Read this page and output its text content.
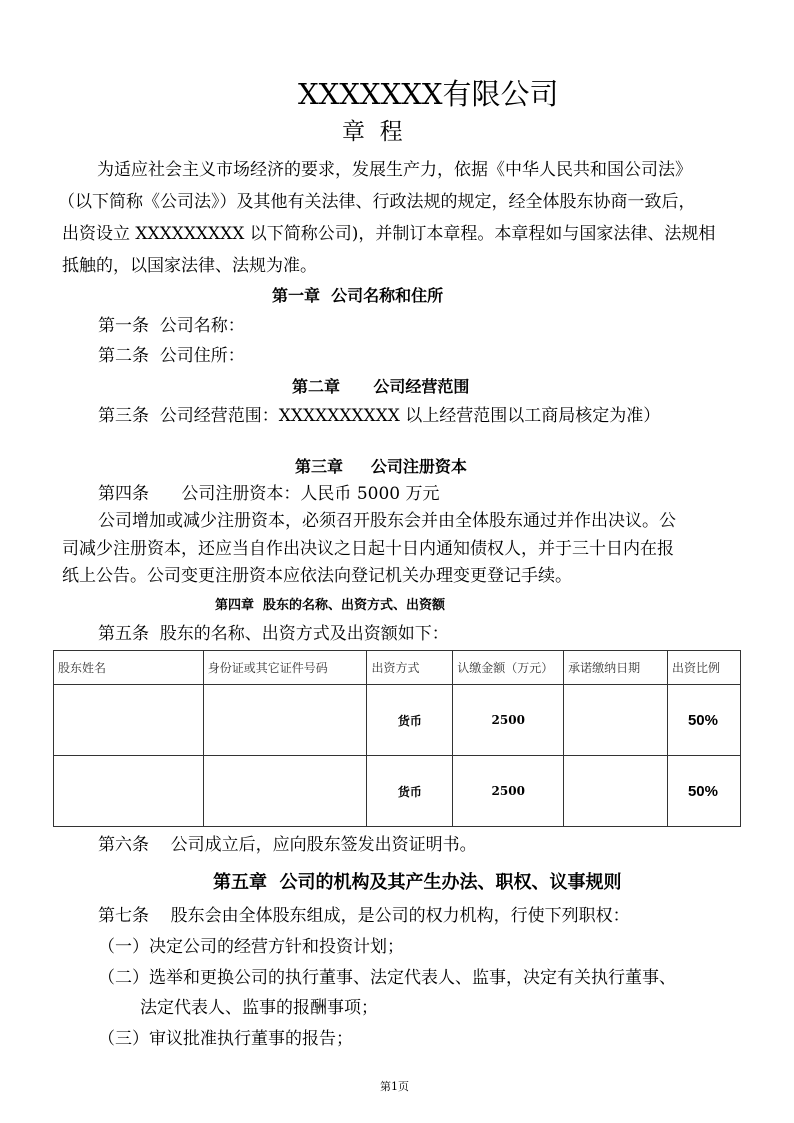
XXXXXXX有限公司
章  程
为适应社会主义市场经济的要求，发展生产力，依据《中华人民共和国公司法》
（以下简称《公司法》）及其他有关法律、行政法规的规定，经全体股东协商一致后，
出资设立 XXXXXXXXX 以下简称公司)，并制订本章程。本章程如与国家法律、法规相
抵触的，以国家法律、法规为准。
第一章  公司名称和住所
第一条  公司名称：
第二条  公司住所：
第二章      公司经营范围
第三条  公司经营范围：XXXXXXXXXX 以上经营范围以工商局核定为准）
第三章     公司注册资本
第四条      公司注册资本：人民币 5000 万元
公司增加或减少注册资本，必须召开股东会并由全体股东通过并作出决议。公
司减少注册资本，还应当自作出决议之日起十日内通知债权人，并于三十日内在报
纸上公告。公司变更注册资本应依法向登记机关办理变更登记手续。
第四章  股东的名称、出资方式、出资额
第五条  股东的名称、出资方式及出资额如下：
股东姓名	身份证或其它证件号码	出资方式	认缴金额（万元）	承诺缴纳日期	出资比例
		货币	2500		50%
		货币	2500		50%
第六条    公司成立后，应向股东签发出资证明书。
第五章  公司的机构及其产生办法、职权、议事规则
第七条    股东会由全体股东组成，是公司的权力机构，行使下列职权：
（一）决定公司的经营方针和投资计划；
（二）选举和更换公司的执行董事、法定代表人、监事，决定有关执行董事、
法定代表人、监事的报酬事项；
（三）审议批准执行董事的报告；
第1页
